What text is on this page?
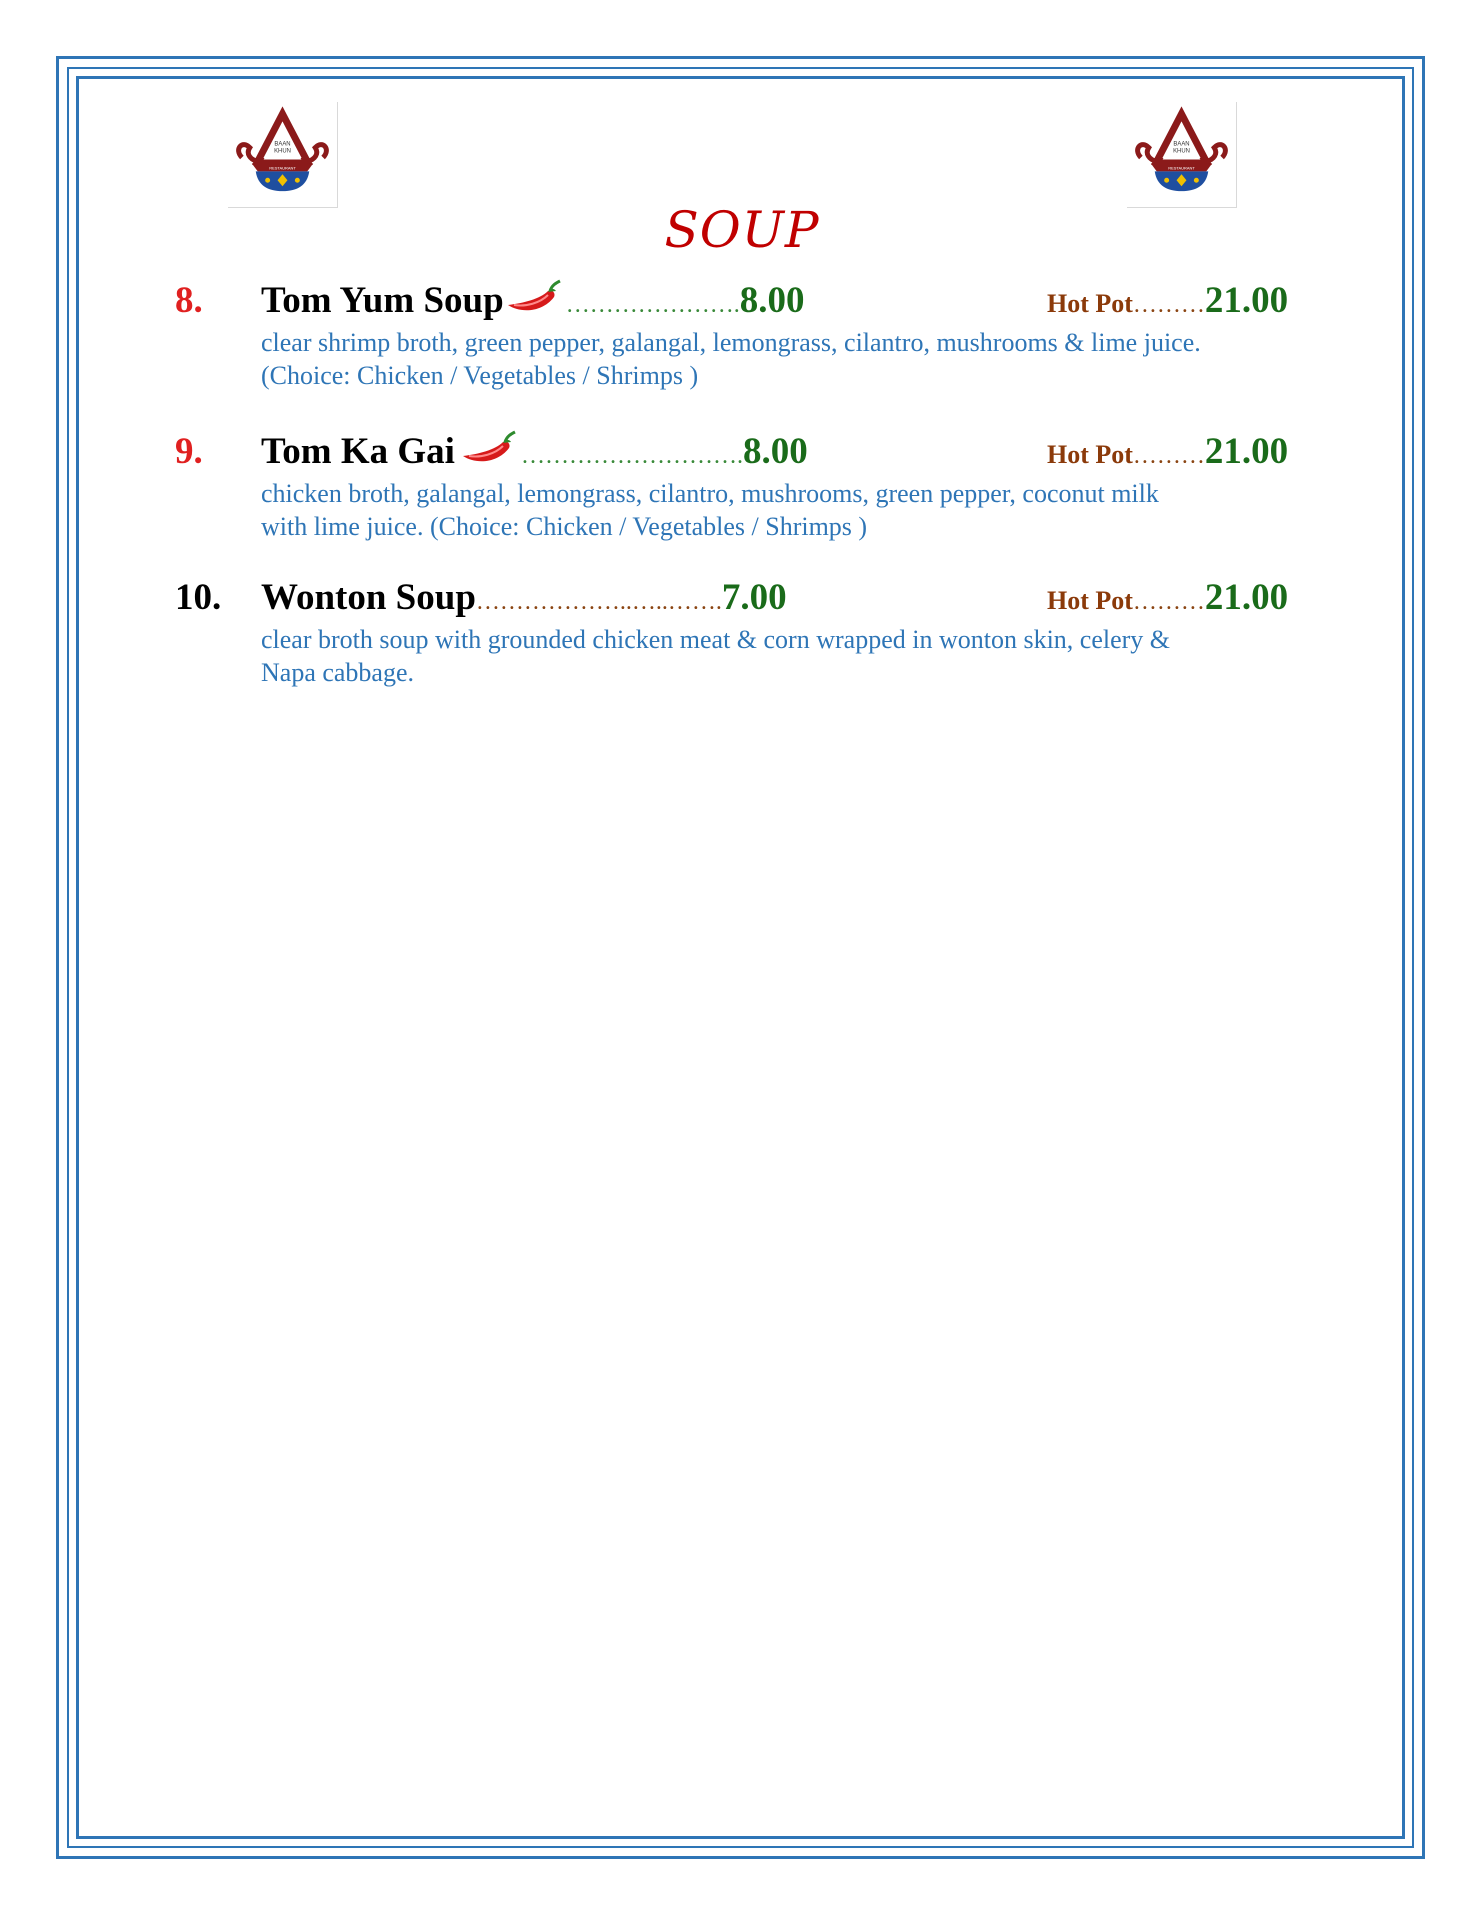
BAAN
KHUN
RESTAURANT
BAAN
KHUN
RESTAURANT
SOUP
8. Tom Yum Soup	………………….8.00	Hot Pot………21.00
clear shrimp broth, green pepper, galangal, lemongrass, cilantro, mushrooms & lime juice.
(Choice: Chicken / Vegetables / Shrimps )
9. Tom Ka Gai	……………………….8.00	Hot Pot………21.00
chicken broth, galangal, lemongrass, cilantro, mushrooms, green pepper, coconut milk
with lime juice. (Choice: Chicken / Vegetables / Shrimps )
10. Wonton Soup………………..…..…….7.00	Hot Pot………21.00
clear broth soup with grounded chicken meat & corn wrapped in wonton skin, celery &
Napa cabbage.
